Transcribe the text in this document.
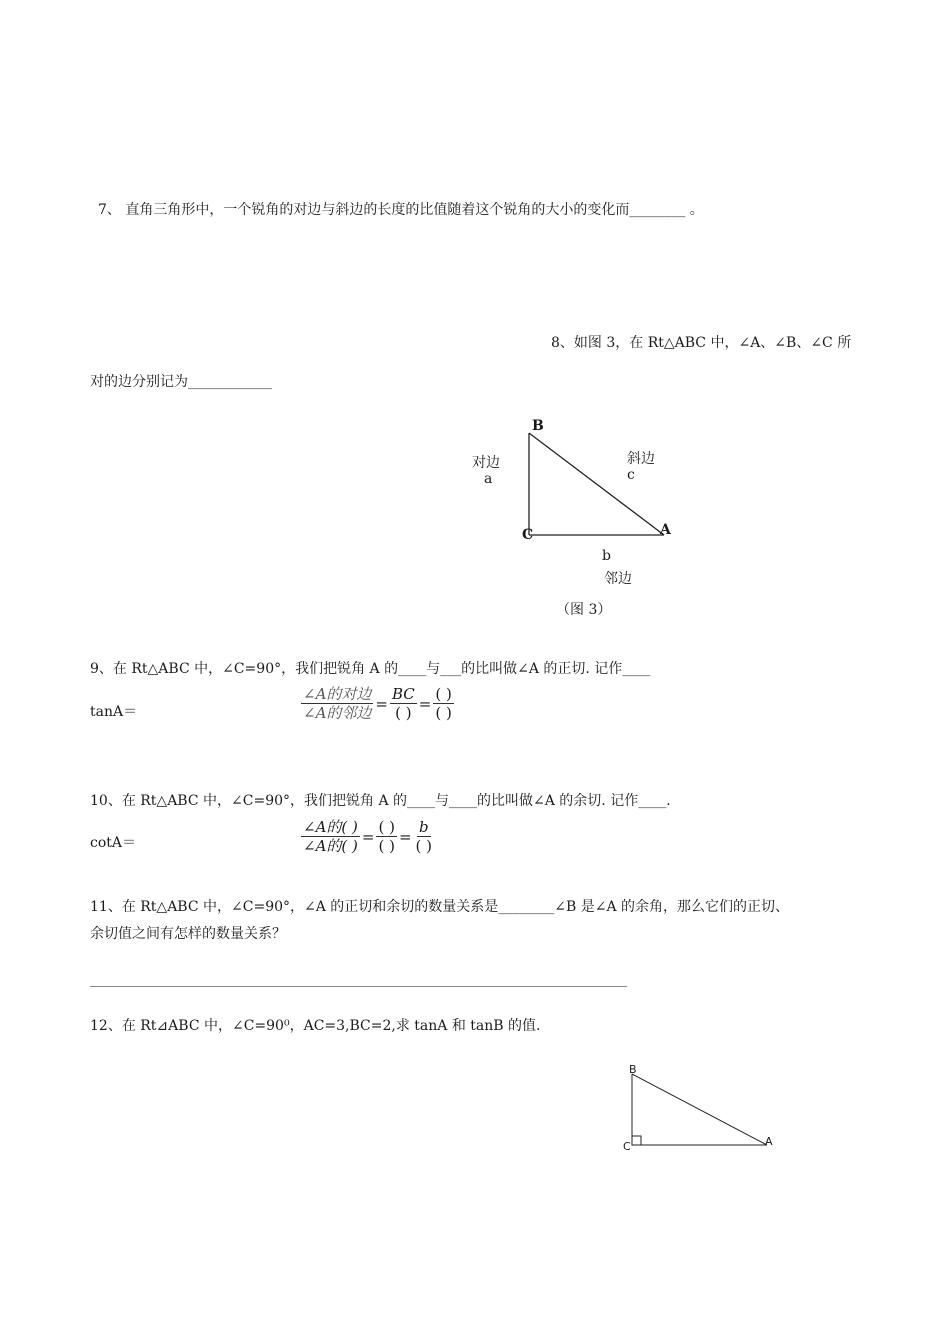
7、 直角三角形中，一个锐角的对边与斜边的长度的比值随着这个锐角的大小的变化而________ 。
8、如图 3，在 Rt△ABC 中，∠A、∠B、∠C 所
对的边分别记为____________
B
C	A
对边
a
斜边
c
b
邻边
（图 3）
9、在 Rt△ABC 中，∠C=90°，我们把锐角 A 的____与___的比叫做∠A 的正切. 记作____
tanA＝	$\frac{\text{∠A的对边}}{\text{∠A的邻边}} = \frac{BC}{( )} = \frac{( )}{( )}$
10、在 Rt△ABC 中，∠C=90°，我们把锐角 A 的____与____的比叫做∠A 的余切. 记作____.
cotA＝	$\frac{\text{∠A的( )}}{\text{∠A的( )}} = \frac{( )}{( )} = \frac{b}{( )}$
11、在 Rt△ABC 中，∠C=90°，∠A 的正切和余切的数量关系是________∠B 是∠A 的余角，那么它们的正切、
余切值之间有怎样的数量关系？
12、在 Rt⊿ABC 中，∠C=90⁰，AC=3,BC=2,求 tanA 和 tanB 的值.
B
C	A
